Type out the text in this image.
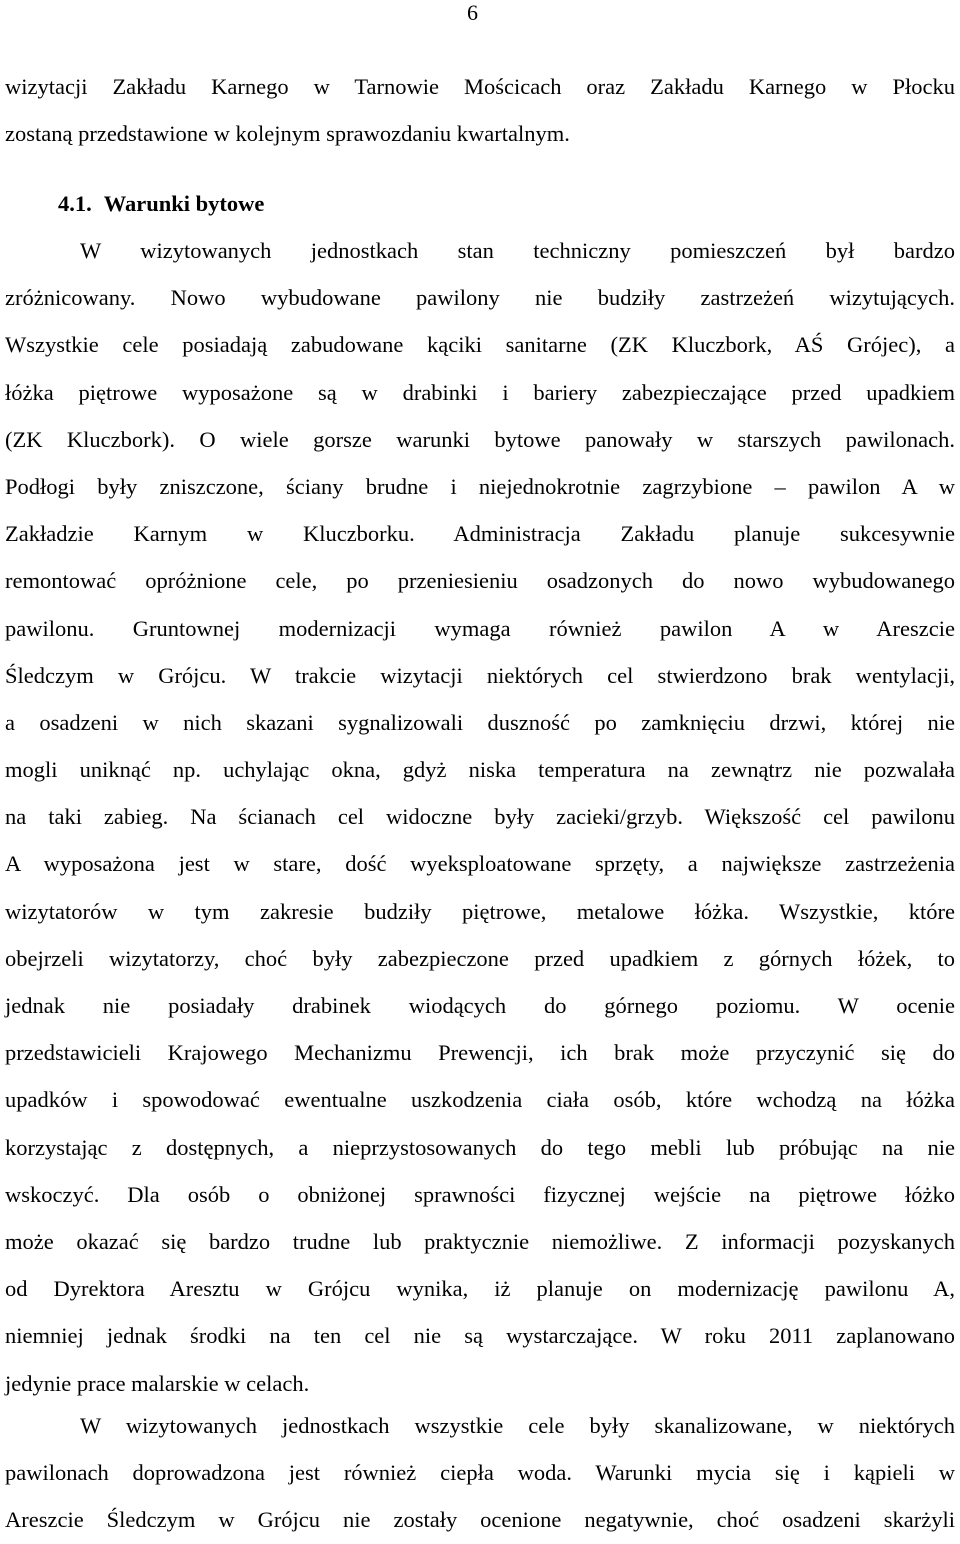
6
wizytacji Zakładu Karnego w Tarnowie Mościcach oraz Zakładu Karnego w Płocku
zostaną przedstawione w kolejnym sprawozdaniu kwartalnym.
4.1. Warunki bytowe
W wizytowanych jednostkach stan techniczny pomieszczeń był bardzo
zróżnicowany. Nowo wybudowane pawilony nie budziły zastrzeżeń wizytujących.
Wszystkie cele posiadają zabudowane kąciki sanitarne (ZK Kluczbork, AŚ Grójec), a
łóżka piętrowe wyposażone są w drabinki i bariery zabezpieczające przed upadkiem
(ZK Kluczbork). O wiele gorsze warunki bytowe panowały w starszych pawilonach.
Podłogi były zniszczone, ściany brudne i niejednokrotnie zagrzybione – pawilon A w
Zakładzie Karnym w Kluczborku. Administracja Zakładu planuje sukcesywnie
remontować opróżnione cele, po przeniesieniu osadzonych do nowo wybudowanego
pawilonu. Gruntownej modernizacji wymaga również pawilon A w Areszcie
Śledczym w Grójcu. W trakcie wizytacji niektórych cel stwierdzono brak wentylacji,
a osadzeni w nich skazani sygnalizowali duszność po zamknięciu drzwi, której nie
mogli uniknąć np. uchylając okna, gdyż niska temperatura na zewnątrz nie pozwalała
na taki zabieg. Na ścianach cel widoczne były zacieki/grzyb. Większość cel pawilonu
A wyposażona jest w stare, dość wyeksploatowane sprzęty, a największe zastrzeżenia
wizytatorów w tym zakresie budziły piętrowe, metalowe łóżka. Wszystkie, które
obejrzeli wizytatorzy, choć były zabezpieczone przed upadkiem z górnych łóżek, to
jednak nie posiadały drabinek wiodących do górnego poziomu. W ocenie
przedstawicieli Krajowego Mechanizmu Prewencji, ich brak może przyczynić się do
upadków i spowodować ewentualne uszkodzenia ciała osób, które wchodzą na łóżka
korzystając z dostępnych, a nieprzystosowanych do tego mebli lub próbując na nie
wskoczyć. Dla osób o obniżonej sprawności fizycznej wejście na piętrowe łóżko
może okazać się bardzo trudne lub praktycznie niemożliwe. Z informacji pozyskanych
od Dyrektora Aresztu w Grójcu wynika, iż planuje on modernizację pawilonu A,
niemniej jednak środki na ten cel nie są wystarczające. W roku 2011 zaplanowano
jedynie prace malarskie w celach.
W wizytowanych jednostkach wszystkie cele były skanalizowane, w niektórych
pawilonach doprowadzona jest również ciepła woda. Warunki mycia się i kąpieli w
Areszcie Śledczym w Grójcu nie zostały ocenione negatywnie, choć osadzeni skarżyli
